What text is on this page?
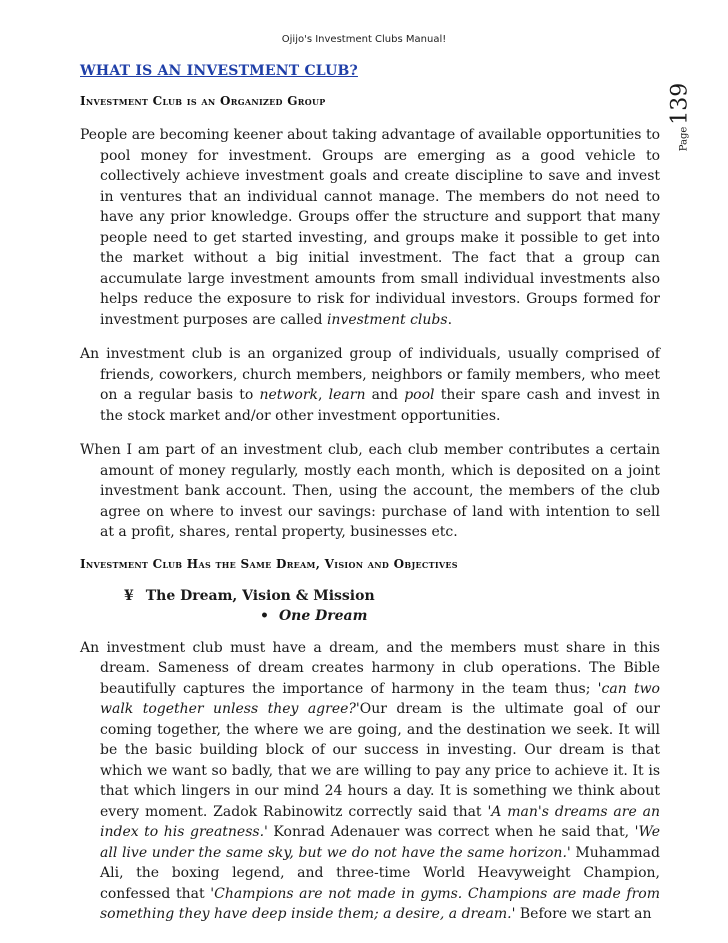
Ojijo's Investment Clubs Manual!
Page
139
WHAT IS AN INVESTMENT CLUB?
Investment Club is an Organized Group

People are becoming keener about taking advantage of available opportunities to pool money for investment. Groups are emerging as a good vehicle to collectively achieve investment goals and create discipline to save and invest in ventures that an individual cannot manage. The members do not need to have any prior knowledge. Groups offer the structure and support that many people need to get started investing, and groups make it possible to get into the market without a big initial investment. The fact that a group can accumulate large investment amounts from small individual investments also helps reduce the exposure to risk for individual investors. Groups formed for investment purposes are called investment clubs.

An investment club is an organized group of individuals, usually comprised of friends, coworkers, church members, neighbors or family members, who meet on a regular basis to network, learn and pool their spare cash and invest in the stock market and/or other investment opportunities.

When I am part of an investment club, each club member contributes a certain amount of money regularly, mostly each month, which is deposited on a joint investment bank account. Then, using the account, the members of the club agree on where to invest our savings: purchase of land with intention to sell at a profit, shares, rental property, businesses etc.

Investment Club Has the Same Dream, Vision and Objectives
¥ The Dream, Vision & Mission
• One Dream

An investment club must have a dream, and the members must share in this dream. Sameness of dream creates harmony in club operations. The Bible beautifully captures the importance of harmony in the team thus; 'can two walk together unless they agree?'Our dream is the ultimate goal of our coming together, the where we are going, and the destination we seek. It will be the basic building block of our success in investing. Our dream is that which we want so badly, that we are willing to pay any price to achieve it. It is that which lingers in our mind 24 hours a day. It is something we think about every moment. Zadok Rabinowitz correctly said that 'A man's dreams are an index to his greatness.' Konrad Adenauer was correct when he said that, 'We all live under the same sky, but we do not have the same horizon.' Muhammad Ali, the boxing legend, and three-time World Heavyweight Champion, confessed that 'Champions are not made in gyms. Champions are made from something they have deep inside them; a desire, a dream.' Before we start an
